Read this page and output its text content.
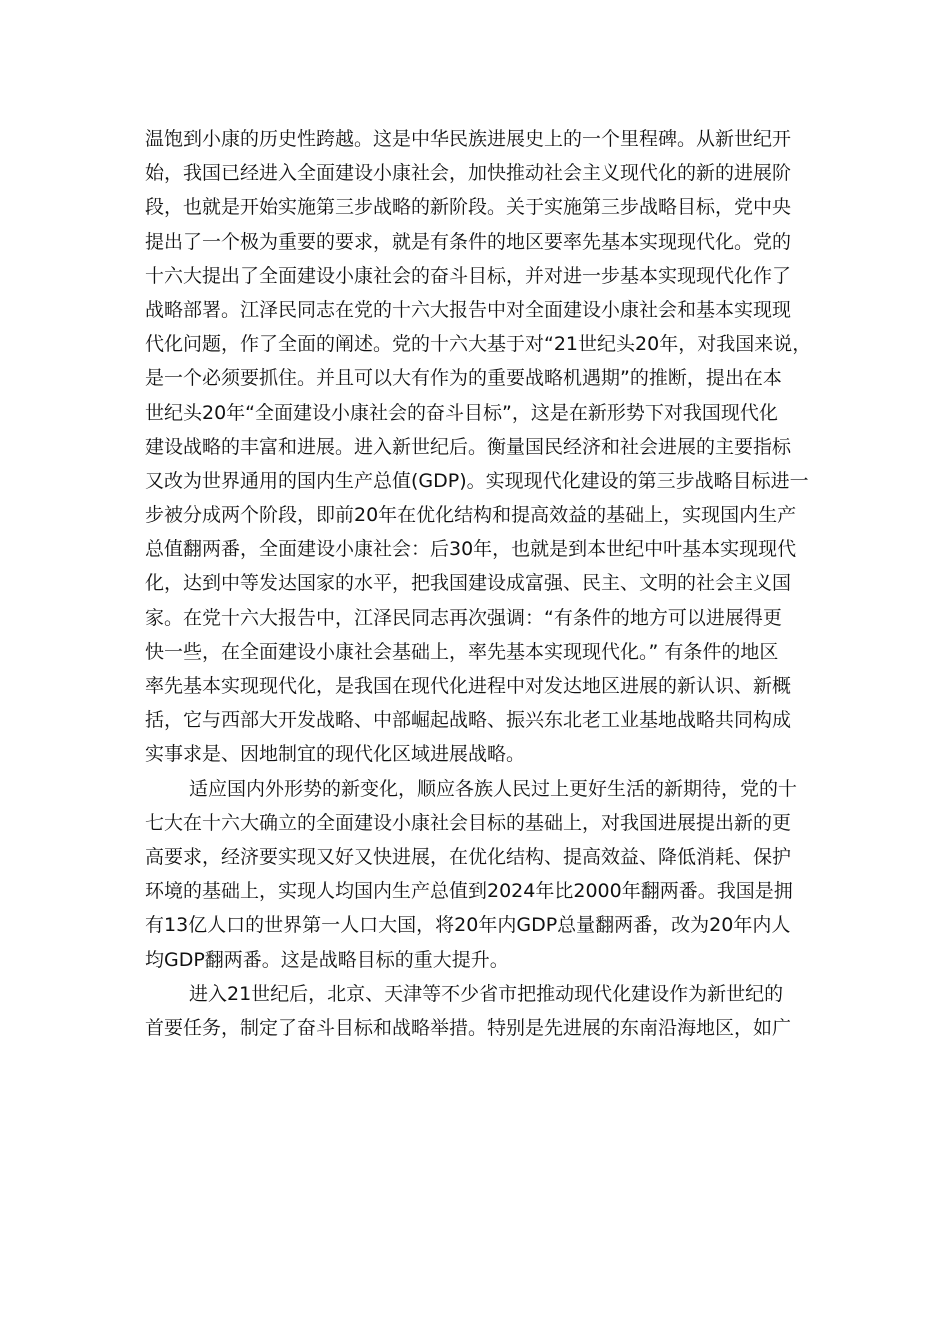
温饱到小康的历史性跨越。这是中华民族进展史上的一个里程碑。从新世纪开
始，我国已经进入全面建设小康社会，加快推动社会主义现代化的新的进展阶
段，也就是开始实施第三步战略的新阶段。关于实施第三步战略目标，党中央
提出了一个极为重要的要求，就是有条件的地区要率先基本实现现代化。党的
十六大提出了全面建设小康社会的奋斗目标，并对进一步基本实现现代化作了
战略部署。江泽民同志在党的十六大报告中对全面建设小康社会和基本实现现
代化问题，作了全面的阐述。党的十六大基于对“21世纪头20年，对我国来说，
是一个必须要抓住。并且可以大有作为的重要战略机遇期”的推断，提出在本
世纪头20年“全面建设小康社会的奋斗目标”，这是在新形势下对我国现代化
建设战略的丰富和进展。进入新世纪后。衡量国民经济和社会进展的主要指标
又改为世界通用的国内生产总值(GDP)。实现现代化建设的第三步战略目标进一
步被分成两个阶段，即前20年在优化结构和提高效益的基础上，实现国内生产
总值翻两番，全面建设小康社会：后30年，也就是到本世纪中叶基本实现现代
化，达到中等发达国家的水平，把我国建设成富强、民主、文明的社会主义国
家。在党十六大报告中，江泽民同志再次强调：“有条件的地方可以进展得更
快一些，在全面建设小康社会基础上，率先基本实现现代化。” 有条件的地区
率先基本实现现代化，是我国在现代化进程中对发达地区进展的新认识、新概
括，它与西部大开发战略、中部崛起战略、振兴东北老工业基地战略共同构成
实事求是、因地制宜的现代化区域进展战略。
适应国内外形势的新变化，顺应各族人民过上更好生活的新期待，党的十
七大在十六大确立的全面建设小康社会目标的基础上，对我国进展提出新的更
高要求，经济要实现又好又快进展，在优化结构、提高效益、降低消耗、保护
环境的基础上，实现人均国内生产总值到2024年比2000年翻两番。我国是拥
有13亿人口的世界第一人口大国，将20年内GDP总量翻两番，改为20年内人
均GDP翻两番。这是战略目标的重大提升。
进入21世纪后，北京、天津等不少省市把推动现代化建设作为新世纪的
首要任务，制定了奋斗目标和战略举措。特别是先进展的东南沿海地区，如广
